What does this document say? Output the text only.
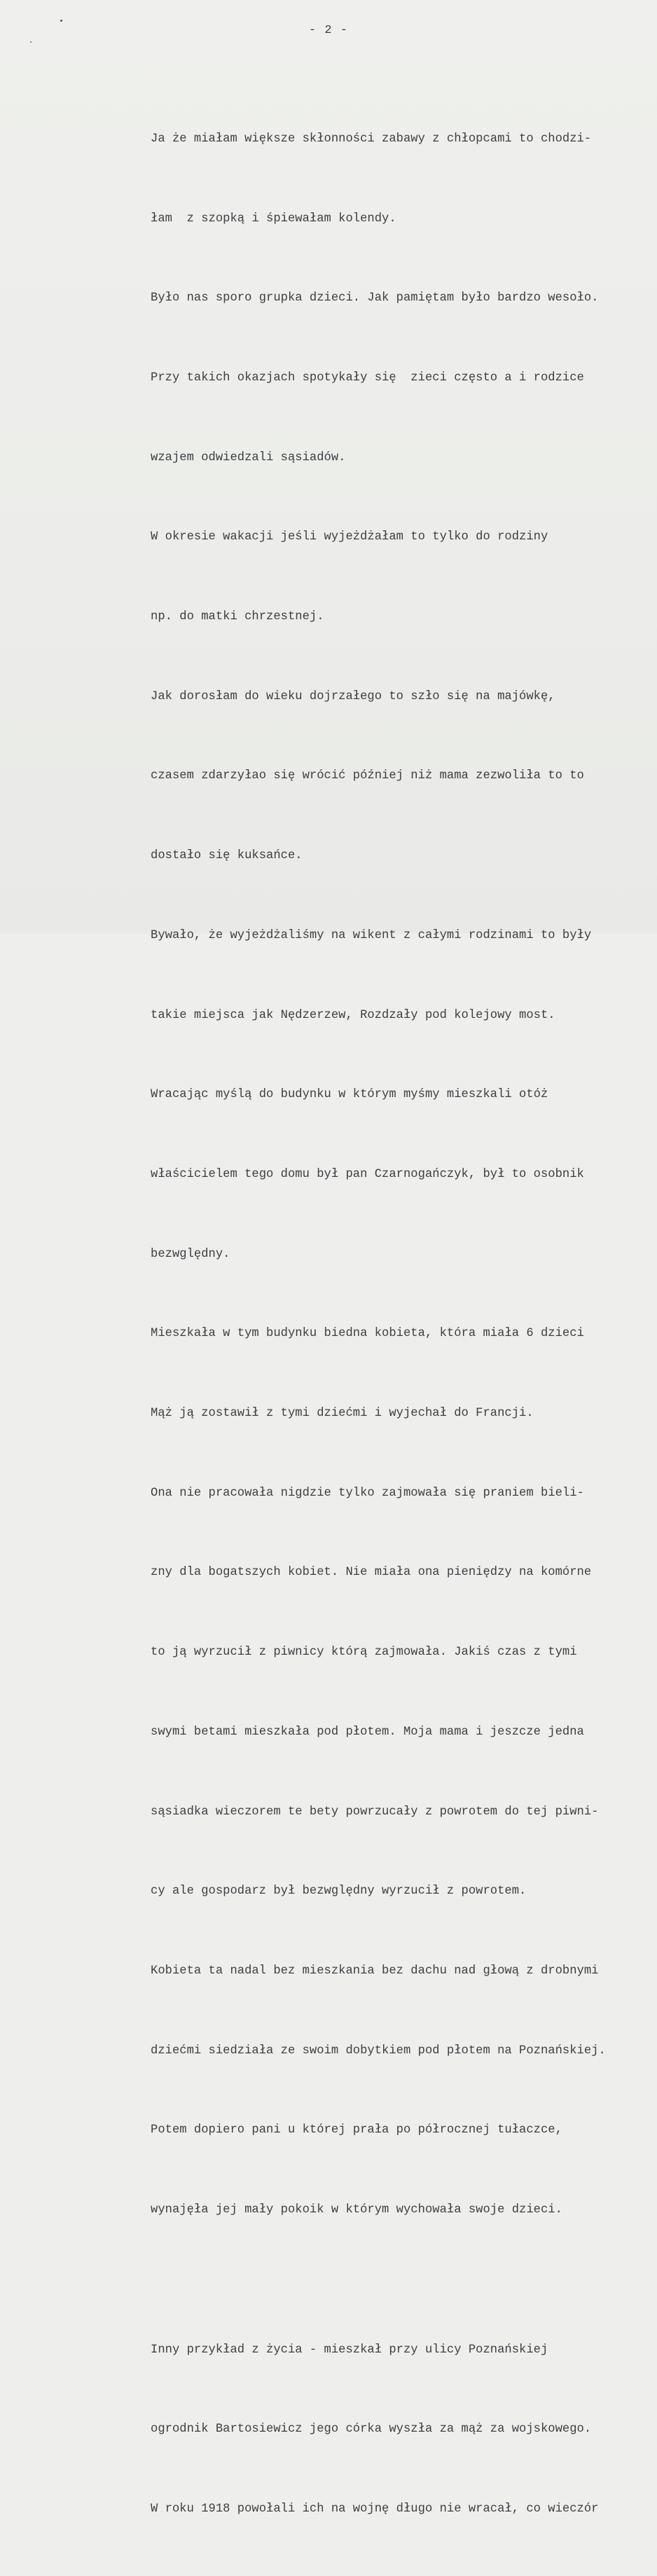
- 2 -

Ja że miałam większe skłonności zabawy z chłopcami to chodzi-

łam  z szopką i śpiewałam kolendy.

Było nas sporo grupka dzieci. Jak pamiętam było bardzo wesoło.

Przy takich okazjach spotykały się  zieci często a i rodzice

wzajem odwiedzali sąsiadów.

W okresie wakacji jeśli wyjeżdżałam to tylko do rodziny

np. do matki chrzestnej.

Jak dorosłam do wieku dojrzałego to szło się na majówkę,

czasem zdarzyłao się wrócić później niż mama zezwoliła to to

dostało się kuksańce.

Bywało, że wyjeżdżaliśmy na wikent z całymi rodzinami to były

takie miejsca jak Nędzerzew, Rozdzały pod kolejowy most.

Wracając myślą do budynku w którym myśmy mieszkali otóż

właścicielem tego domu był pan Czarnogańczyk, był to osobnik

bezwględny.

Mieszkała w tym budynku biedna kobieta, która miała 6 dzieci

Mąż ją zostawił z tymi dziećmi i wyjechał do Francji.

Ona nie pracowała nigdzie tylko zajmowała się praniem bieli-

zny dla bogatszych kobiet. Nie miała ona pieniędzy na komórne

to ją wyrzucił z piwnicy którą zajmowała. Jakiś czas z tymi

swymi betami mieszkała pod płotem. Moja mama i jeszcze jedna

sąsiadka wieczorem te bety powrzucały z powrotem do tej piwni-

cy ale gospodarz był bezwględny wyrzucił z powrotem.

Kobieta ta nadal bez mieszkania bez dachu nad głową z drobnymi

dziećmi siedziała ze swoim dobytkiem pod płotem na Poznańskiej.

Potem dopiero pani u której prała po półrocznej tułaczce,

wynajęła jej mały pokoik w którym wychowała swoje dzieci.

Inny przykład z życia - mieszkał przy ulicy Poznańskiej

ogrodnik Bartosiewicz jego córka wyszła za mąż za wojskowego.

W roku 1918 powołali ich na wojnę długo nie wracał, co wieczór
